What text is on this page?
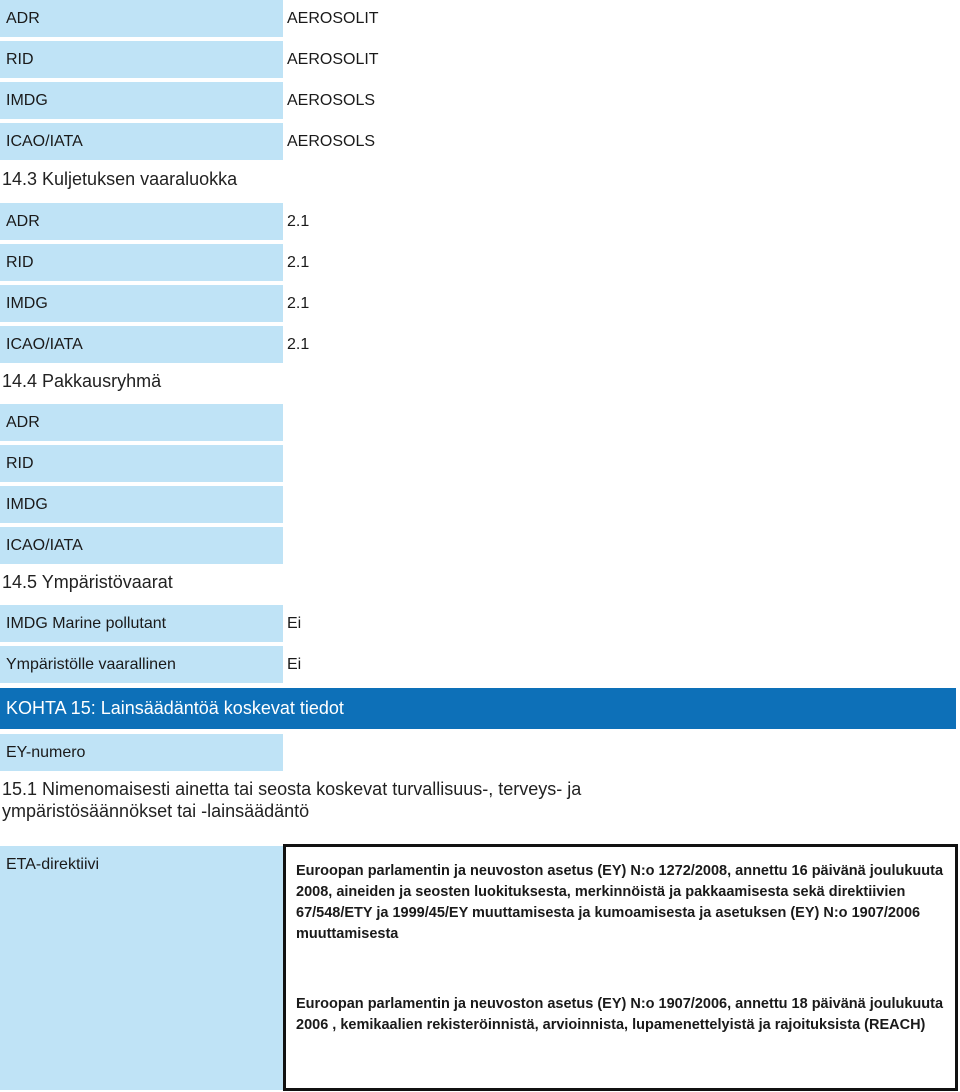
ADR	AEROSOLIT
RID	AEROSOLIT
IMDG	AEROSOLS
ICAO/IATA	AEROSOLS
14.3 Kuljetuksen vaaraluokka
ADR	2.1
RID	2.1
IMDG	2.1
ICAO/IATA	2.1
14.4 Pakkausryhmä
ADR
RID
IMDG
ICAO/IATA
14.5 Ympäristövaarat
IMDG Marine pollutant	Ei
Ympäristölle vaarallinen	Ei
KOHTA 15: Lainsäädäntöä koskevat tiedot
EY-numero
15.1 Nimenomaisesti ainetta tai seosta koskevat turvallisuus-, terveys- ja ympäristösäännökset tai -lainsäädäntö
ETA-direktiivi	Euroopan parlamentin ja neuvoston asetus (EY) N:o 1272/2008, annettu 16 päivänä joulukuuta 2008, aineiden ja seosten luokituksesta, merkinnöistä ja pakkaamisesta sekä direktiivien 67/548/ETY ja 1999/45/EY muuttamisesta ja kumoamisesta ja asetuksen (EY) N:o 1907/2006 muuttamisesta

Euroopan parlamentin ja neuvoston asetus (EY) N:o 1907/2006, annettu 18 päivänä joulukuuta 2006 , kemikaalien rekisteröinnistä, arvioinnista, lupamenettelyistä ja rajoituksista (REACH)
